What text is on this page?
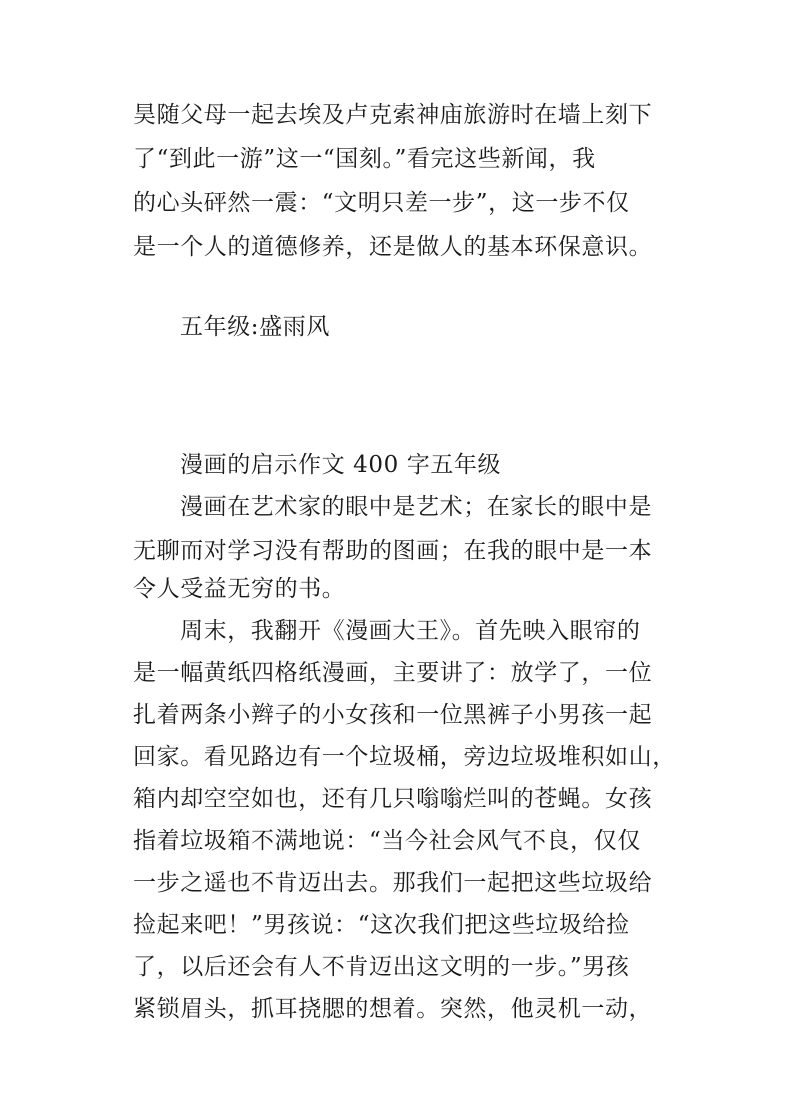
昊随父母一起去埃及卢克索神庙旅游时在墙上刻下
了“到此一游”这一“国刻。”看完这些新闻，我
的心头砰然一震：“文明只差一步”，这一步不仅
是一个人的道德修养，还是做人的基本环保意识。
五年级:盛雨风
漫画的启示作文 400 字五年级
漫画在艺术家的眼中是艺术；在家长的眼中是
无聊而对学习没有帮助的图画；在我的眼中是一本
令人受益无穷的书。
周末，我翻开《漫画大王》。首先映入眼帘的
是一幅黄纸四格纸漫画，主要讲了：放学了，一位
扎着两条小辫子的小女孩和一位黑裤子小男孩一起
回家。看见路边有一个垃圾桶，旁边垃圾堆积如山，
箱内却空空如也，还有几只嗡嗡烂叫的苍蝇。女孩
指着垃圾箱不满地说：“当今社会风气不良，仅仅
一步之遥也不肯迈出去。那我们一起把这些垃圾给
捡起来吧！”男孩说：“这次我们把这些垃圾给捡
了，以后还会有人不肯迈出这文明的一步。”男孩
紧锁眉头，抓耳挠腮的想着。突然，他灵机一动，
